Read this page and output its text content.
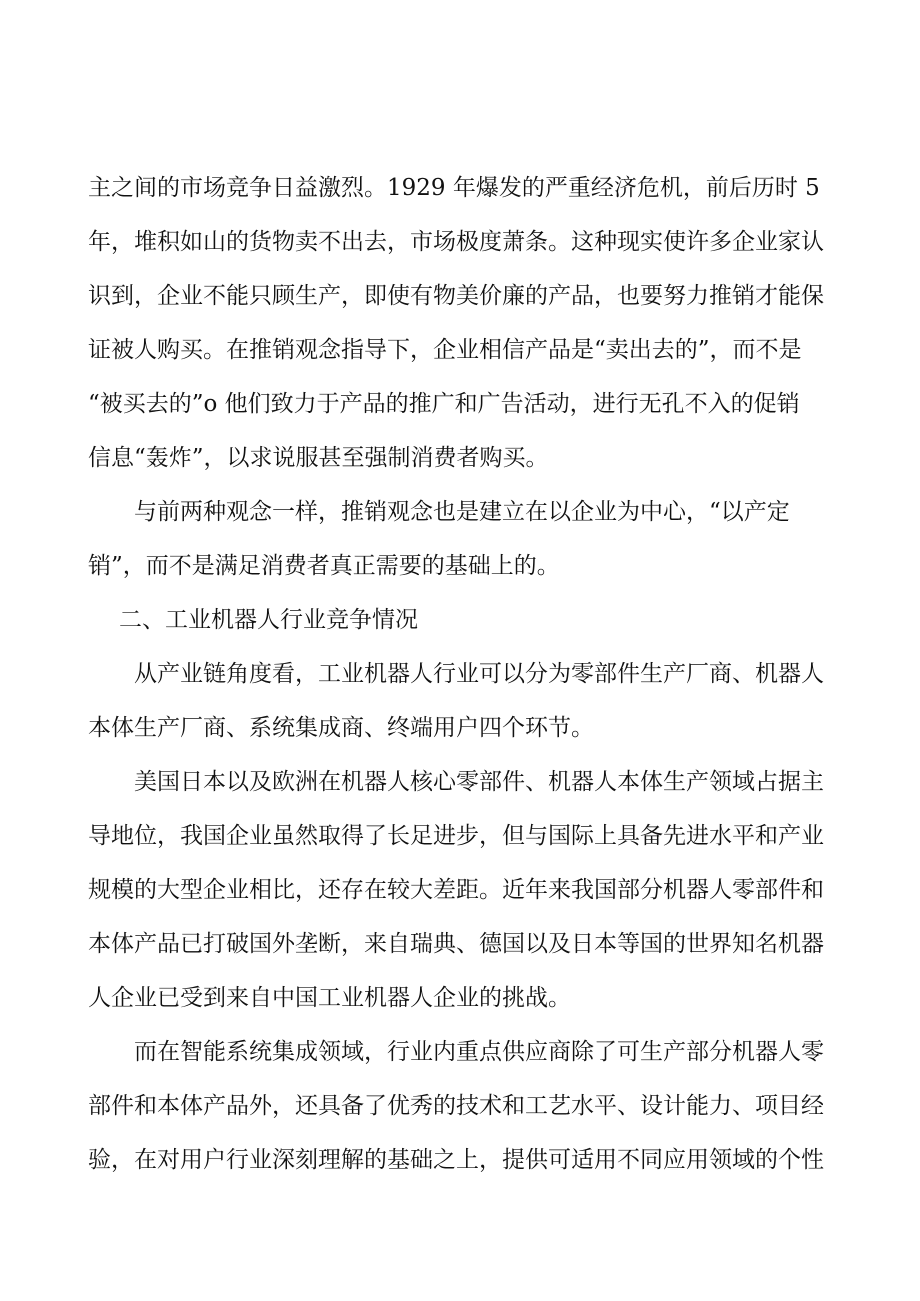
主之间的市场竞争日益激烈。1929 年爆发的严重经济危机，前后历时 5
年，堆积如山的货物卖不出去，市场极度萧条。这种现实使许多企业家认
识到，企业不能只顾生产，即使有物美价廉的产品，也要努力推销才能保
证被人购买。在推销观念指导下，企业相信产品是“卖出去的”，而不是
“被买去的”o 他们致力于产品的推广和广告活动，进行无孔不入的促销
信息“轰炸”，以求说服甚至强制消费者购买。
与前两种观念一样，推销观念也是建立在以企业为中心，“以产定
销”，而不是满足消费者真正需要的基础上的。
二、工业机器人行业竞争情况
从产业链角度看，工业机器人行业可以分为零部件生产厂商、机器人
本体生产厂商、系统集成商、终端用户四个环节。
美国日本以及欧洲在机器人核心零部件、机器人本体生产领域占据主
导地位，我国企业虽然取得了长足进步，但与国际上具备先进水平和产业
规模的大型企业相比，还存在较大差距。近年来我国部分机器人零部件和
本体产品已打破国外垄断，来自瑞典、德国以及日本等国的世界知名机器
人企业已受到来自中国工业机器人企业的挑战。
而在智能系统集成领域，行业内重点供应商除了可生产部分机器人零
部件和本体产品外，还具备了优秀的技术和工艺水平、设计能力、项目经
验，在对用户行业深刻理解的基础之上，提供可适用不同应用领域的个性
